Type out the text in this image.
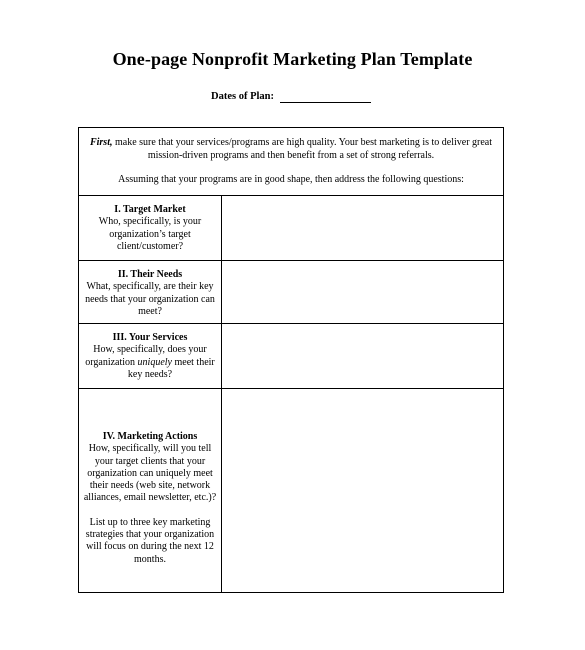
One-page Nonprofit Marketing Plan Template
Dates of Plan:

First, make sure that your services/programs are high quality. Your best marketing is to deliver great mission-driven programs and then benefit from a set of strong referrals.

Assuming that your programs are in good shape, then address the following questions:

I. Target Market
Who, specifically, is your organization’s target client/customer?
II. Their Needs
What, specifically, are their key needs that your organization can meet?
III. Your Services
How, specifically, does your organization uniquely meet their key needs?
IV. Marketing Actions
How, specifically, will you tell your target clients that your organization can uniquely meet their needs (web site, network alliances, email newsletter, etc.)?
List up to three key marketing strategies that your organization will focus on during the next 12 months.
